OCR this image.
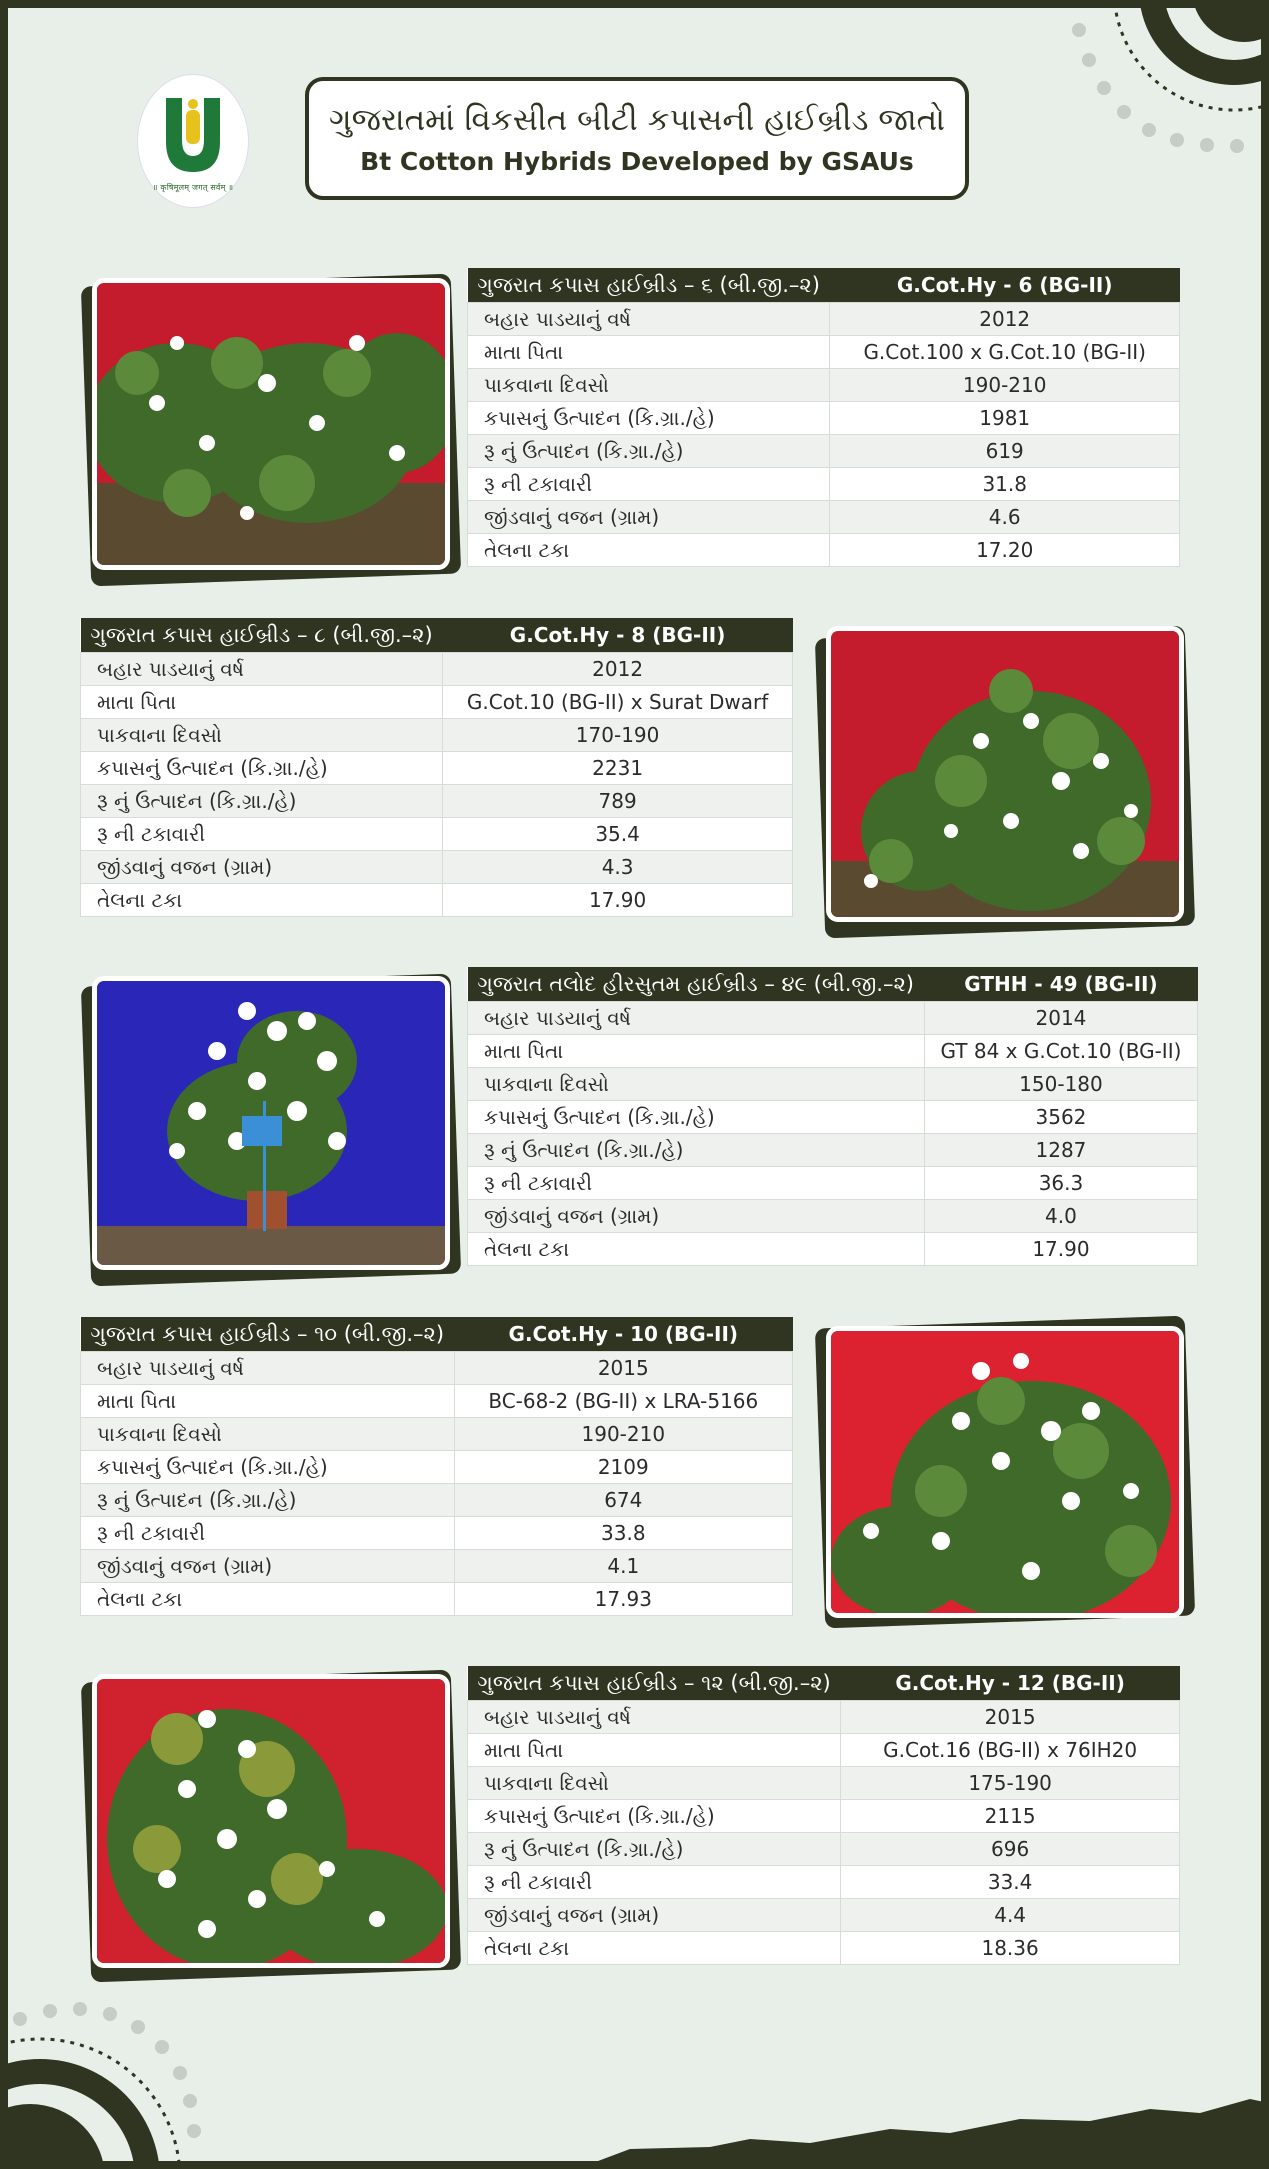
॥ कृषिमूलम् जगत् सर्वम् ॥
ગુજરાતમાં વિકસીત બીટી કપાસની હાઈબ્રીડ જાતો
Bt Cotton Hybrids Developed by GSAUs
ગુજરાત કપાસ હાઈબ્રીડ – ૬ (બી.જી.–૨)	G.Cot.Hy - 6 (BG-II)
બહાર પાડયાનું વર્ષ	2012
માતા પિતા	G.Cot.100 x G.Cot.10 (BG-II)
પાકવાના દિવસો	190-210
કપાસનું ઉત્પાદન (કિ.ગ્રા./હે)	1981
રૂ નું ઉત્પાદન (કિ.ગ્રા./હે)	619
રૂ ની ટકાવારી	31.8
જીંડવાનું વજન (ગ્રામ)	4.6
તેલના ટકા	17.20
ગુજરાત કપાસ હાઈબ્રીડ – ૮ (બી.જી.–૨)	G.Cot.Hy - 8 (BG-II)
બહાર પાડયાનું વર્ષ	2012
માતા પિતા	G.Cot.10 (BG-II) x Surat Dwarf
પાકવાના દિવસો	170-190
કપાસનું ઉત્પાદન (કિ.ગ્રા./હે)	2231
રૂ નું ઉત્પાદન (કિ.ગ્રા./હે)	789
રૂ ની ટકાવારી	35.4
જીંડવાનું વજન (ગ્રામ)	4.3
તેલના ટકા	17.90
ગુજરાત તલોદ હીરસુતમ હાઈબ્રીડ – ૪૯ (બી.જી.–૨)	GTHH - 49 (BG-II)
બહાર પાડયાનું વર્ષ	2014
માતા પિતા	GT 84 x G.Cot.10 (BG-II)
પાકવાના દિવસો	150-180
કપાસનું ઉત્પાદન (કિ.ગ્રા./હે)	3562
રૂ નું ઉત્પાદન (કિ.ગ્રા./હે)	1287
રૂ ની ટકાવારી	36.3
જીંડવાનું વજન (ગ્રામ)	4.0
તેલના ટકા	17.90
ગુજરાત કપાસ હાઈબ્રીડ – ૧૦ (બી.જી.–૨)	G.Cot.Hy - 10 (BG-II)
બહાર પાડયાનું વર્ષ	2015
માતા પિતા	BC-68-2 (BG-II) x LRA-5166
પાકવાના દિવસો	190-210
કપાસનું ઉત્પાદન (કિ.ગ્રા./હે)	2109
રૂ નું ઉત્પાદન (કિ.ગ્રા./હે)	674
રૂ ની ટકાવારી	33.8
જીંડવાનું વજન (ગ્રામ)	4.1
તેલના ટકા	17.93
ગુજરાત કપાસ હાઈબ્રીડ – ૧૨ (બી.જી.–૨)	G.Cot.Hy - 12 (BG-II)
બહાર પાડયાનું વર્ષ	2015
માતા પિતા	G.Cot.16 (BG-II) x 76IH20
પાકવાના દિવસો	175-190
કપાસનું ઉત્પાદન (કિ.ગ્રા./હે)	2115
રૂ નું ઉત્પાદન (કિ.ગ્રા./હે)	696
રૂ ની ટકાવારી	33.4
જીંડવાનું વજન (ગ્રામ)	4.4
તેલના ટકા	18.36
